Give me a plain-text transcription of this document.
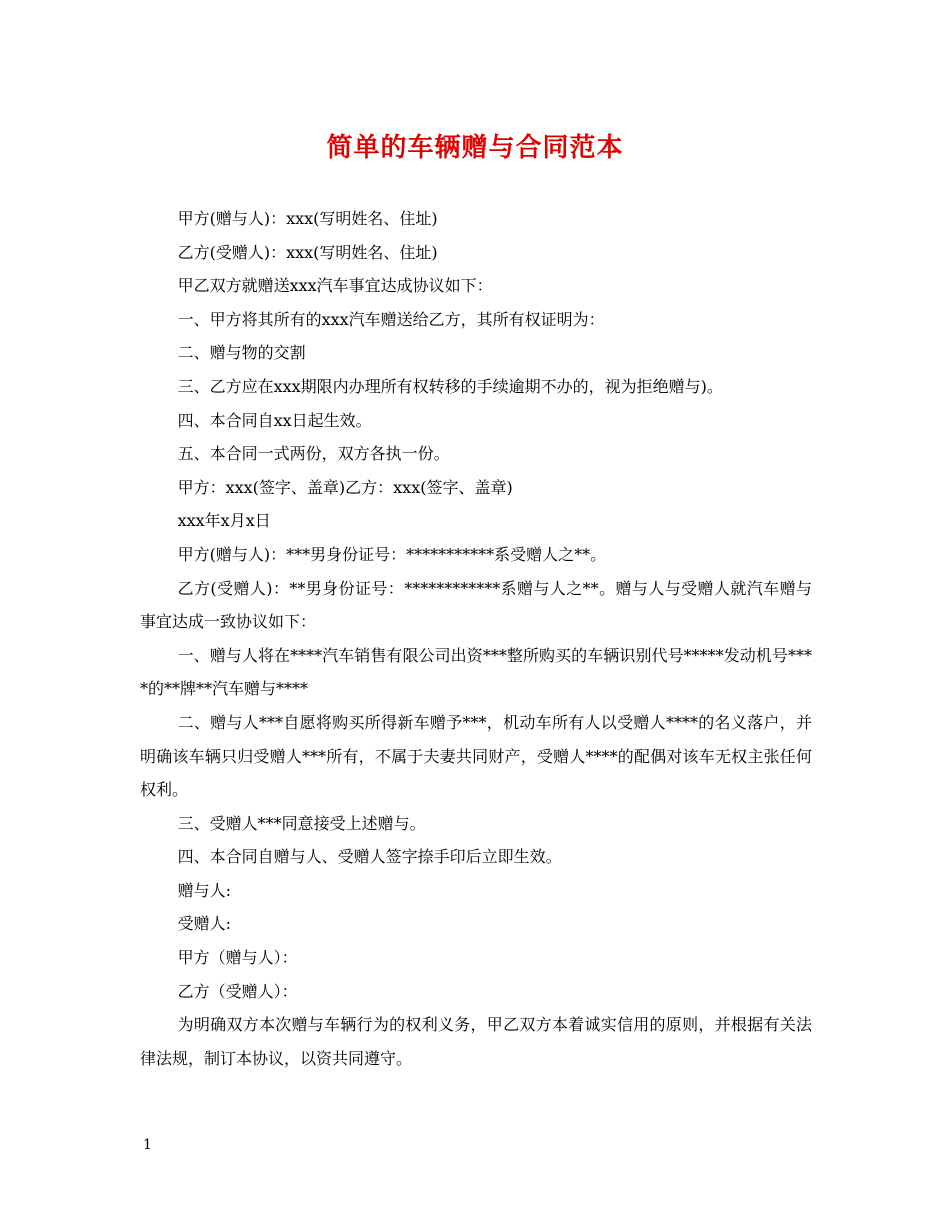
简单的车辆赠与合同范本

甲方(赠与人)：xxx(写明姓名、住址)

乙方(受赠人)：xxx(写明姓名、住址)

甲乙双方就赠送xxx汽车事宜达成协议如下：

一、甲方将其所有的xxx汽车赠送给乙方，其所有权证明为：

二、赠与物的交割

三、乙方应在xxx期限内办理所有权转移的手续逾期不办的，视为拒绝赠与)。

四、本合同自xx日起生效。

五、本合同一式两份，双方各执一份。

甲方：xxx(签字、盖章)乙方：xxx(签字、盖章)

xxx年x月x日

甲方(赠与人)：***男身份证号：***********系受赠人之**。

乙方(受赠人)：**男身份证号：************系赠与人之**。赠与人与受赠人就汽车赠与事宜达成一致协议如下：

一、赠与人将在****汽车销售有限公司出资***整所购买的车辆识别代号*****发动机号****的**牌**汽车赠与****

二、赠与人***自愿将购买所得新车赠予***，机动车所有人以受赠人****的名义落户，并明确该车辆只归受赠人***所有，不属于夫妻共同财产，受赠人****的配偶对该车无权主张任何权利。

三、受赠人***同意接受上述赠与。

四、本合同自赠与人、受赠人签字捺手印后立即生效。

赠与人:

受赠人:

甲方（赠与人）：

乙方（受赠人）：

为明确双方本次赠与车辆行为的权利义务，甲乙双方本着诚实信用的原则，并根据有关法律法规，制订本协议，以资共同遵守。

1
